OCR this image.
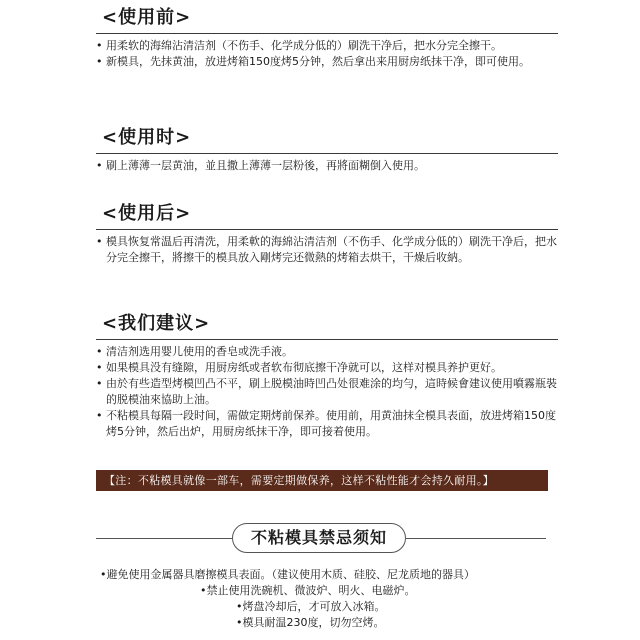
<使用前>
• 用柔软的海绵沾清洁剂（不伤手、化学成分低的）刷洗干净后，把水分完全擦干。
• 新模具，先抹黄油，放进烤箱150度烤5分钟，然后拿出来用厨房纸抹干净，即可使用。
<使用时>
• 刷上薄薄一层黄油，並且撒上薄薄一层粉後，再將面糊倒入使用。
<使用后>
• 模具恢复常温后再清洗，用柔軟的海綿沾清洁剂（不伤手、化学成分低的）刷洗干净后，把水分完全擦干，將擦干的模具放入剛烤完还微熱的烤箱去烘干，干燥后收納。
<我们建议>
• 清洁剂选用婴儿使用的香皂或洗手液。
• 如果模具没有缝隙，用厨房纸或者软布彻底擦干净就可以，这样对模具养护更好。
• 由於有些造型烤模凹凸不平，刷上脱模油時凹凸处很难涂的均勻，這時候會建议使用噴霧瓶裝的脱模油來協助上油。
• 不粘模具每隔一段时间，需做定期烤前保养。使用前，用黄油抹全模具表面，放进烤箱150度烤5分钟，然后出炉，用厨房纸抹干净，即可接着使用。
【注：不粘模具就像一部车，需要定期做保养，这样不粘性能才会持久耐用。】
不粘模具禁忌须知
•避免使用金属器具磨擦模具表面。（建议使用木质、硅胶、尼龙质地的器具）
•禁止使用洗碗机、微波炉、明火、电磁炉。
•烤盘冷却后，才可放入冰箱。
•模具耐温230度，切勿空烤。
